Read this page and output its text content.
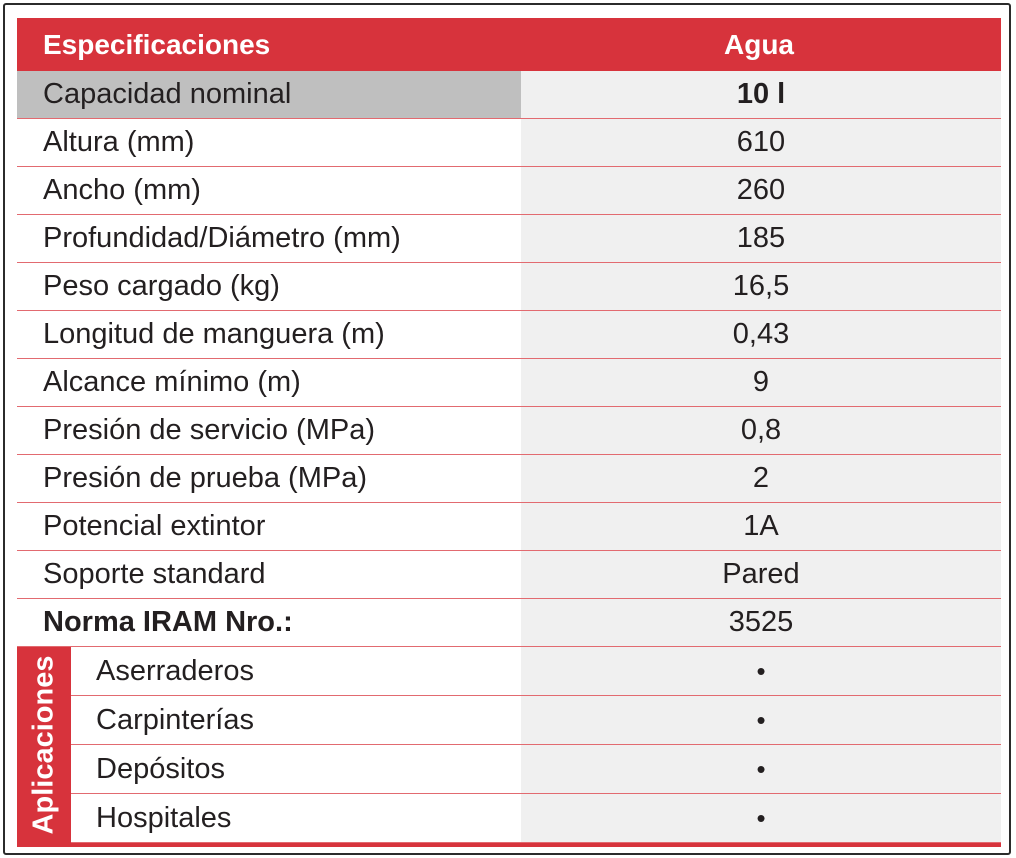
Especificaciones	Agua
Capacidad nominal	10 l
Altura (mm)	610
Ancho (mm)	260
Profundidad/Diámetro (mm)	185
Peso cargado (kg)	16,5
Longitud de manguera (m)	0,43
Alcance mínimo (m)	9
Presión de servicio (MPa)	0,8
Presión de prueba (MPa)	2
Potencial extintor	1A
Soporte standard	Pared
Norma IRAM Nro.:	3525
Aplicaciones	Aserraderos	•
Carpinterías	•
Depósitos	•
Hospitales	•
